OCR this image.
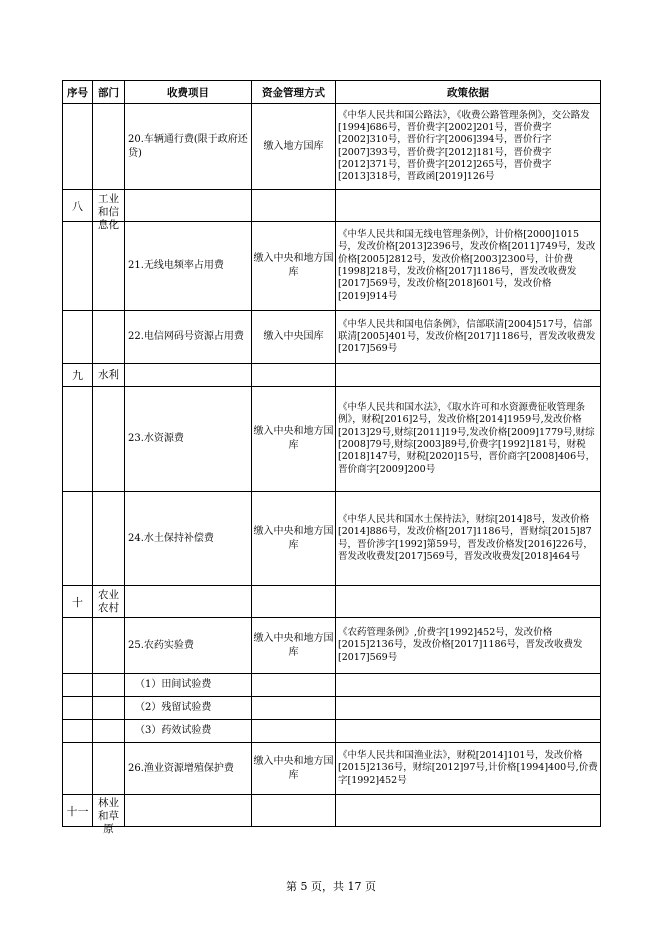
序号	部门	收费项目	资金管理方式	政策依据
		20.车辆通行费(限于政府还贷)	缴入地方国库	《中华人民共和国公路法》，《收费公路管理条例》，交公路发[1994]686号，晋价费字[2002]201号，晋价费字[2002]310号，晋价行字[2006]394号，晋价行字[2007]393号，晋价费字[2012]181号，晋价费字[2012]371号，晋价费字[2012]265号，晋价费字[2013]318号，晋政函[2019]126号
八	工业和信息化			

		21.无线电频率占用费	缴入中央和地方国库	《中华人民共和国无线电管理条例》，计价格[2000]1015号，发改价格[2013]2396号，发改价格[2011]749号，发改价格[2005]2812号，发改价格[2003]2300号，计价费[1998]218号，发改价格[2017]1186号，晋发改收费发[2017]569号，发改价格[2018]601号，发改价格[2019]914号
		22.电信网码号资源占用费	缴入中央国库	《中华人民共和国电信条例》，信部联清[2004]517号，信部联清[2005]401号，发改价格[2017]1186号，晋发改收费发[2017]569号
九	水利			
		23.水资源费	缴入中央和地方国库	《中华人民共和国水法》，《取水许可和水资源费征收管理条例》，财税[2016]2号，发改价格[2014]1959号,发改价格[2013]29号,财综[2011]19号,发改价格[2009]1779号,财综[2008]79号,财综[2003]89号,价费字[1992]181号，财税[2018]147号，财税[2020]15号，晋价商字[2008]406号，晋价商字[2009]200号
		24.水土保持补偿费	缴入中央和地方国库	《中华人民共和国水土保持法》，财综[2014]8号，发改价格[2014]886号，发改价格[2017]1186号，晋财综[2015]87号，晋价涉字[1992]第59号，晋发改价格发[2016]226号，晋发改收费发[2017]569号，晋发改收费发[2018]464号
十	农业农村			

		25.农药实验费	缴入中央和地方国库	《农药管理条例》,价费字[1992]452号，发改价格[2015]2136号，发改价格[2017]1186号，晋发改收费发[2017]569号
		（1）田间试验费		
		（2）残留试验费		
		（3）药效试验费		
		26.渔业资源增殖保护费	缴入中央和地方国库	《中华人民共和国渔业法》，财税[2014]101号，发改价格[2015]2136号，财综[2012]97号,计价格[1994]400号,价费字[1992]452号
十一	林业和草原			

第 5 页，共 17 页
